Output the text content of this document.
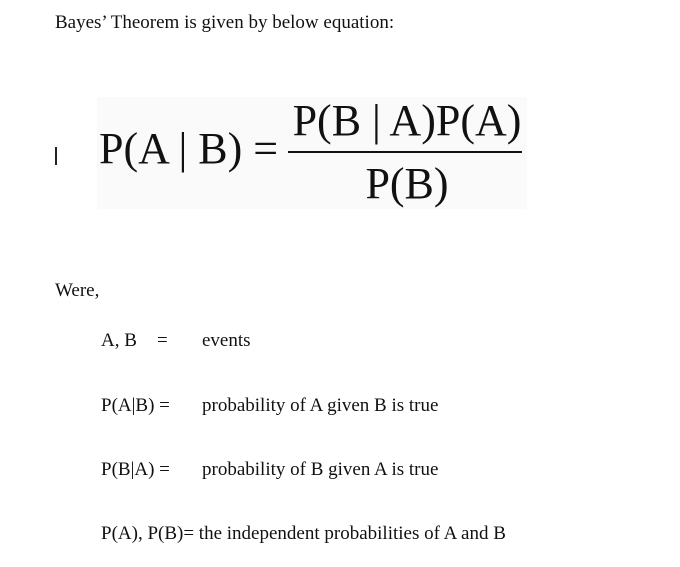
Bayes’ Theorem is given by below equation:
P(A | B) =
P(B | A)P(A)
P(B)
Were,
A, B = events
P(A|B) = probability of A given B is true
P(B|A) = probability of B given A is true
P(A), P(B)= the independent probabilities of A and B
